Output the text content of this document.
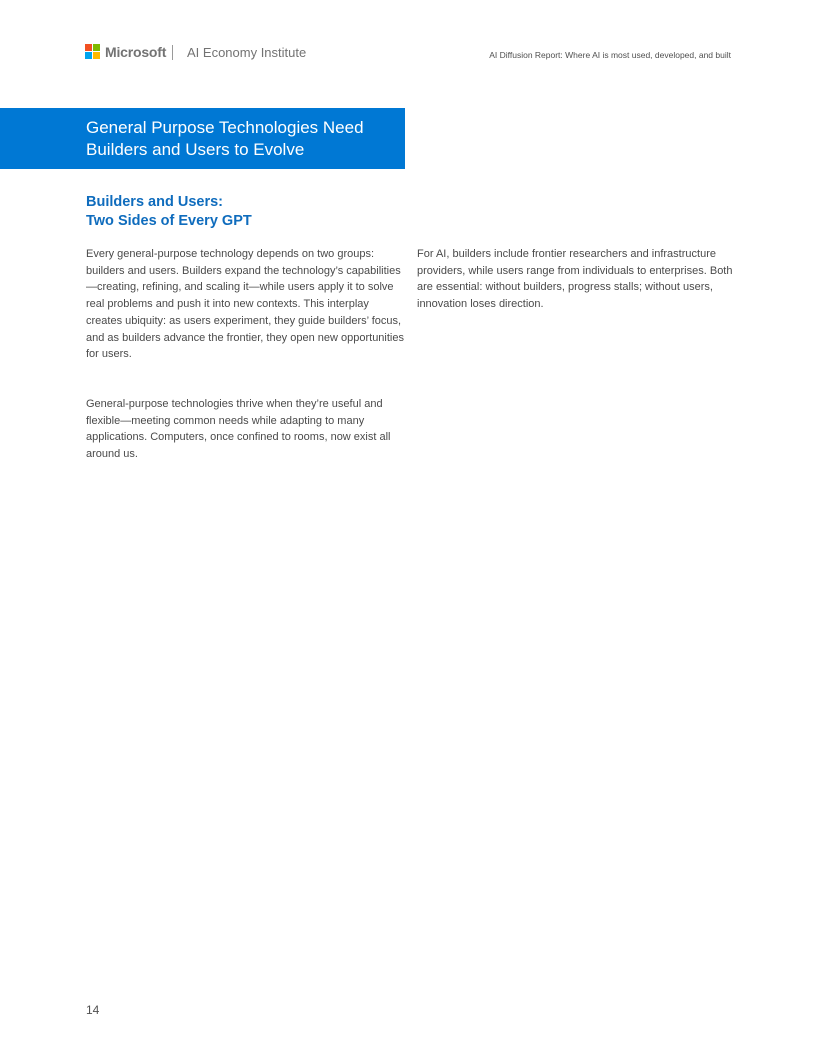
Microsoft AI Economy Institute	AI Diffusion Report: Where AI is most used, developed, and built
General Purpose Technologies Need
Builders and Users to Evolve
Builders and Users:
Two Sides of Every GPT

Every general-purpose technology depends on two groups: builders and users. Builders expand the technology’s capabilities—creating, refining, and scaling it—while users apply it to solve real problems and push it into new contexts. This interplay creates ubiquity: as users experiment, they guide builders’ focus, and as builders advance the frontier, they open new opportunities for users.

General-purpose technologies thrive when they’re useful and flexible—meeting common needs while adapting to many applications. Computers, once confined to rooms, now exist all around us.

For AI, builders include frontier researchers and infrastructure providers, while users range from individuals to enterprises. Both are essential: without builders, progress stalls; without users, innovation loses direction.

14
